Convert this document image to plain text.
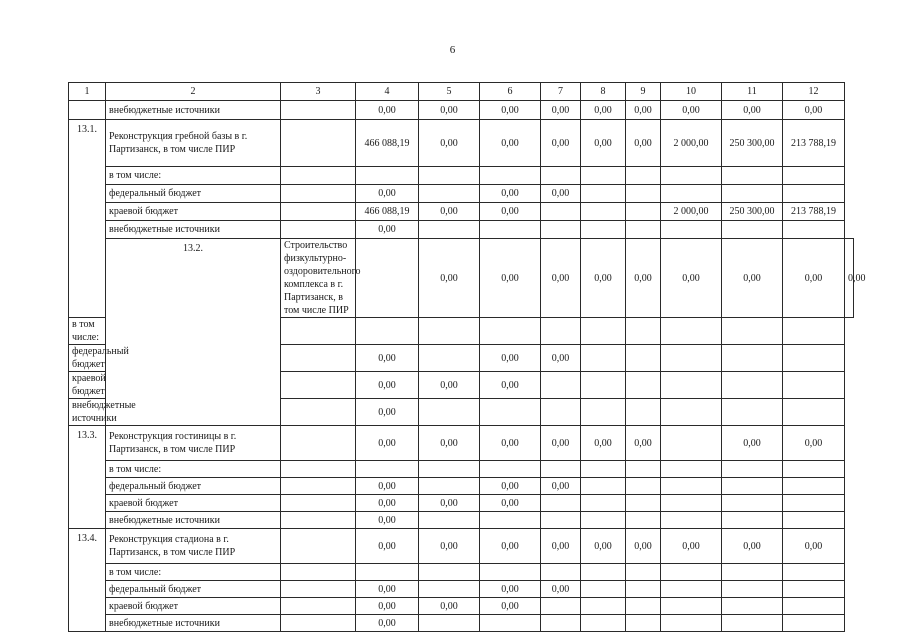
6
1	2	3	4	5	6	7	8	9	10	11	12	
	внебюджетные источники		0,00	0,00	0,00	0,00	0,00	0,00	0,00	0,00	0,00	
13.1.	Реконструкция гребной базы в г. Партизанск, в том числе ПИР		466 088,19	0,00	0,00	0,00	0,00	0,00	2 000,00	250 300,00	213 788,19	
	в том числе:											
	федеральный бюджет		0,00		0,00	0,00						
	краевой бюджет		466 088,19	0,00	0,00				2 000,00	250 300,00	213 788,19	
	внебюджетные источники		0,00									
	13.2.	Строительство физкультурно-оздоровительного комплекса в г. Партизанск, в том числе ПИР		0,00	0,00	0,00	0,00	0,00	0,00	0,00	0,00	0,00
в том числе:												
федеральный бюджет			0,00		0,00	0,00						
краевой бюджет			0,00	0,00	0,00							
внебюджетные источники			0,00									
13.3.	Реконструкция гостиницы в г. Партизанск, в том числе ПИР		0,00	0,00	0,00	0,00	0,00	0,00		0,00	0,00	
	в том числе:											
	федеральный бюджет		0,00		0,00	0,00						
	краевой бюджет		0,00	0,00	0,00							
	внебюджетные источники		0,00									
13.4.	Реконструкция стадиона в г. Партизанск, в том числе ПИР		0,00	0,00	0,00	0,00	0,00	0,00	0,00	0,00	0,00	
	в том числе:											
	федеральный бюджет		0,00		0,00	0,00						
	краевой бюджет		0,00	0,00	0,00							
	внебюджетные источники		0,00									
